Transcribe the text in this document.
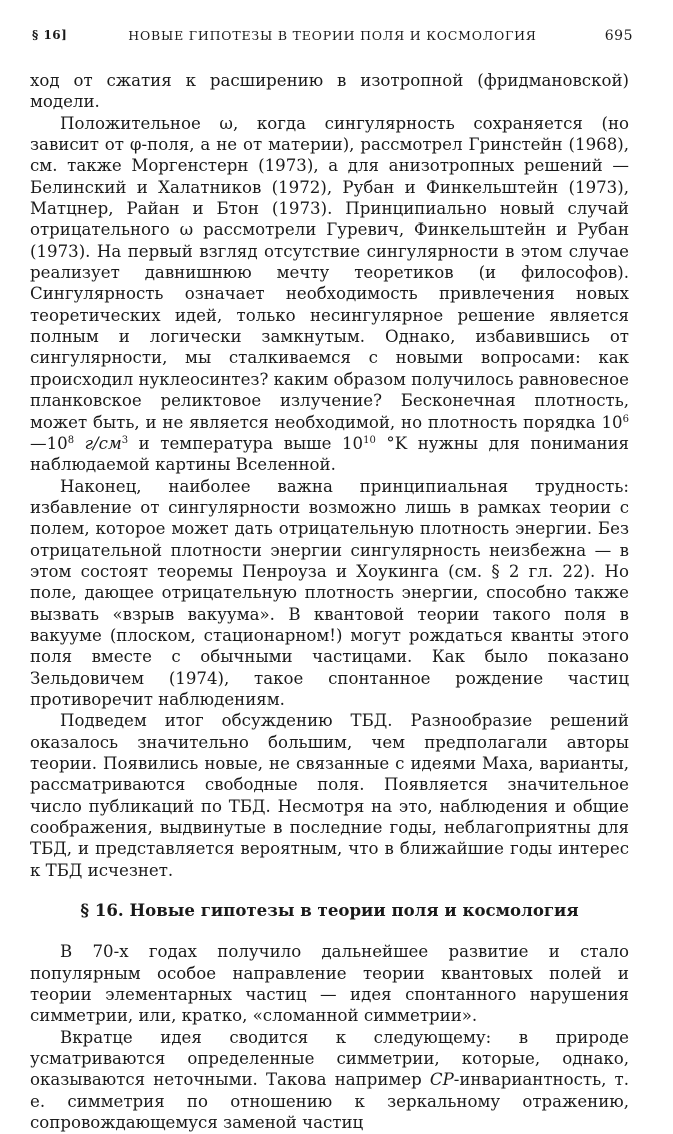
§ 16]	НОВЫЕ ГИПОТЕЗЫ В ТЕОРИИ ПОЛЯ И КОСМОЛОГИЯ	695

ход от сжатия к расширению в изотропной (фридмановской) модели.

Положительное ω, когда сингулярность сохраняется (но зависит от φ-поля, а не от материи), рассмотрел Гринстейн (1968), см. также Моргенстерн (1973), а для анизотропных решений — Белинский и Халатников (1972), Рубан и Финкельштейн (1973), Матцнер, Райан и Бтон (1973). Принципиально новый случай отрицательного ω рассмотрели Гуревич, Финкельштейн и Рубан (1973). На первый взгляд отсутствие сингулярности в этом случае реализует давнишнюю мечту теоретиков (и философов). Сингулярность означает необходимость привлечения новых теоретических идей, только несингулярное решение является полным и логически замкнутым. Однако, избавившись от сингулярности, мы сталкиваемся с новыми вопросами: как происходил нуклеосинтез? каким образом получилось равновесное планковское реликтовое излучение? Бесконечная плотность, может быть, и не является необходимой, но плотность порядка $10^6—10^8$ $г/см^3$ и температура выше $10^{10}$ °K нужны для понимания наблюдаемой картины Вселенной.

Наконец, наиболее важна принципиальная трудность: избавление от сингулярности возможно лишь в рамках теории с полем, которое может дать отрицательную плотность энергии. Без отрицательной плотности энергии сингулярность неизбежна — в этом состоят теоремы Пенроуза и Хоукинга (см. § 2 гл. 22). Но поле, дающее отрицательную плотность энергии, способно также вызвать «взрыв вакуума». В квантовой теории такого поля в вакууме (плоском, стационарном!) могут рождаться кванты этого поля вместе с обычными частицами. Как было показано Зельдовичем (1974), такое спонтанное рождение частиц противоречит наблюдениям.

Подведем итог обсуждению ТБД. Разнообразие решений оказалось значительно большим, чем предполагали авторы теории. Появились новые, не связанные с идеями Маха, варианты, рассматриваются свободные поля. Появляется значительное число публикаций по ТБД. Несмотря на это, наблюдения и общие соображения, выдвинутые в последние годы, неблагоприятны для ТБД, и представляется вероятным, что в ближайшие годы интерес к ТБД исчезнет.

§ 16. Новые гипотезы в теории поля и космология

В 70-х годах получило дальнейшее развитие и стало популярным особое направление теории квантовых полей и теории элементарных частиц — идея спонтанного нарушения симметрии, или, кратко, «сломанной симметрии».

Вкратце идея сводится к следующему: в природе усматриваются определенные симметрии, которые, однако, оказываются неточными. Такова например CP-инвариантность, т. е. симметрия по отношению к зеркальному отражению, сопровождающемуся заменой частиц
